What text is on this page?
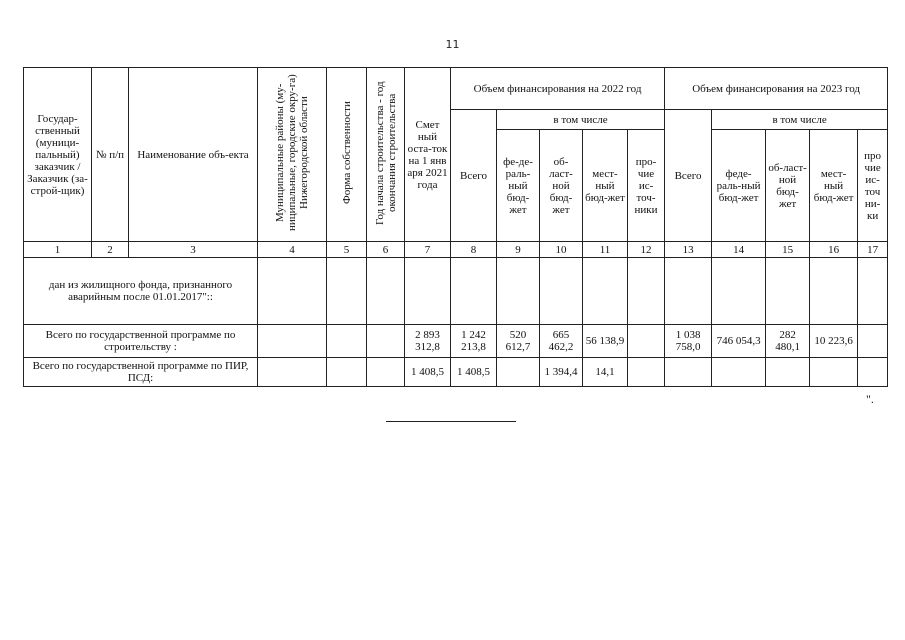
11
Государ-ственный (муници-пальный) заказчик / Заказчик (за-строй-щик)	№ п/п	Наименование объ-екта	Муниципальные районы (му-ниципальные, городские окру-га) Нижегородской области	Форма собственности	Год начала строительства - год окончания строительства	Смет ный оста-ток на 1 янв аря 2021 года	Объем финансирования на 2022 год					Объем финансирования на 2023 год				
							Всего	в том числе				Всего	в том числе			
								фе-де-раль-ный бюд-жет	об-ласт-ной бюд-жет	мест-ный бюд-жет	про-чие ис-точ-ники		феде-раль-ный бюд-жет	об-ласт-ной бюд-жет	мест-ный бюд-жет	про чие ис-точ ни-ки
1	2	3	4	5	6	7	8	9	10	11	12	13	14	15	16	17
дан из жилищного фонда, признанного аварийным после 01.01.2017"::																
Всего по государственной программе по строительству :						2 893 312,8	1 242 213,8	520 612,7	665 462,2	56 138,9		1 038 758,0	746 054,3	282 480,1	10 223,6	
Всего по государственной программе по ПИР, ПСД:						1 408,5	1 408,5		1 394,4	14,1						
".
